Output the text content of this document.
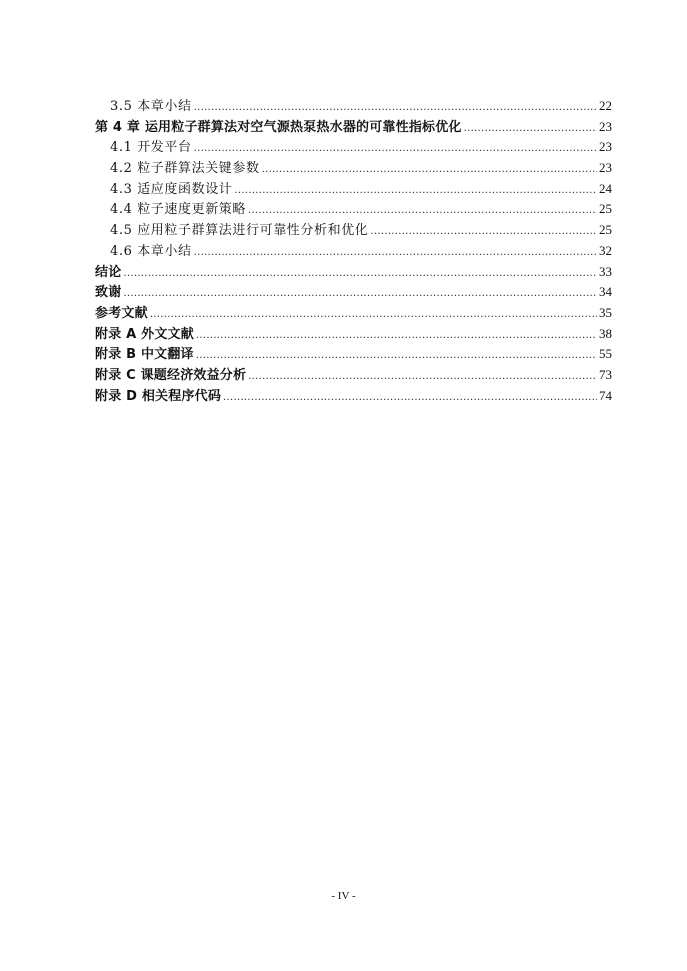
3.5 本章小结 .....	22
第 4 章 运用粒子群算法对空气源热泵热水器的可靠性指标优化 .....	23
4.1 开发平台 .....	23
4.2 粒子群算法关键参数 .....	23
4.3 适应度函数设计 .....	24
4.4 粒子速度更新策略 .....	25
4.5 应用粒子群算法进行可靠性分析和优化 .....	25
4.6 本章小结 .....	32
结论 .....	33
致谢 .....	34
参考文献 .....	35
附录 A 外文文献 .....	38
附录 B 中文翻译 .....	55
附录 C 课题经济效益分析 .....	73
附录 D 相关程序代码 .....	74
- IV -
